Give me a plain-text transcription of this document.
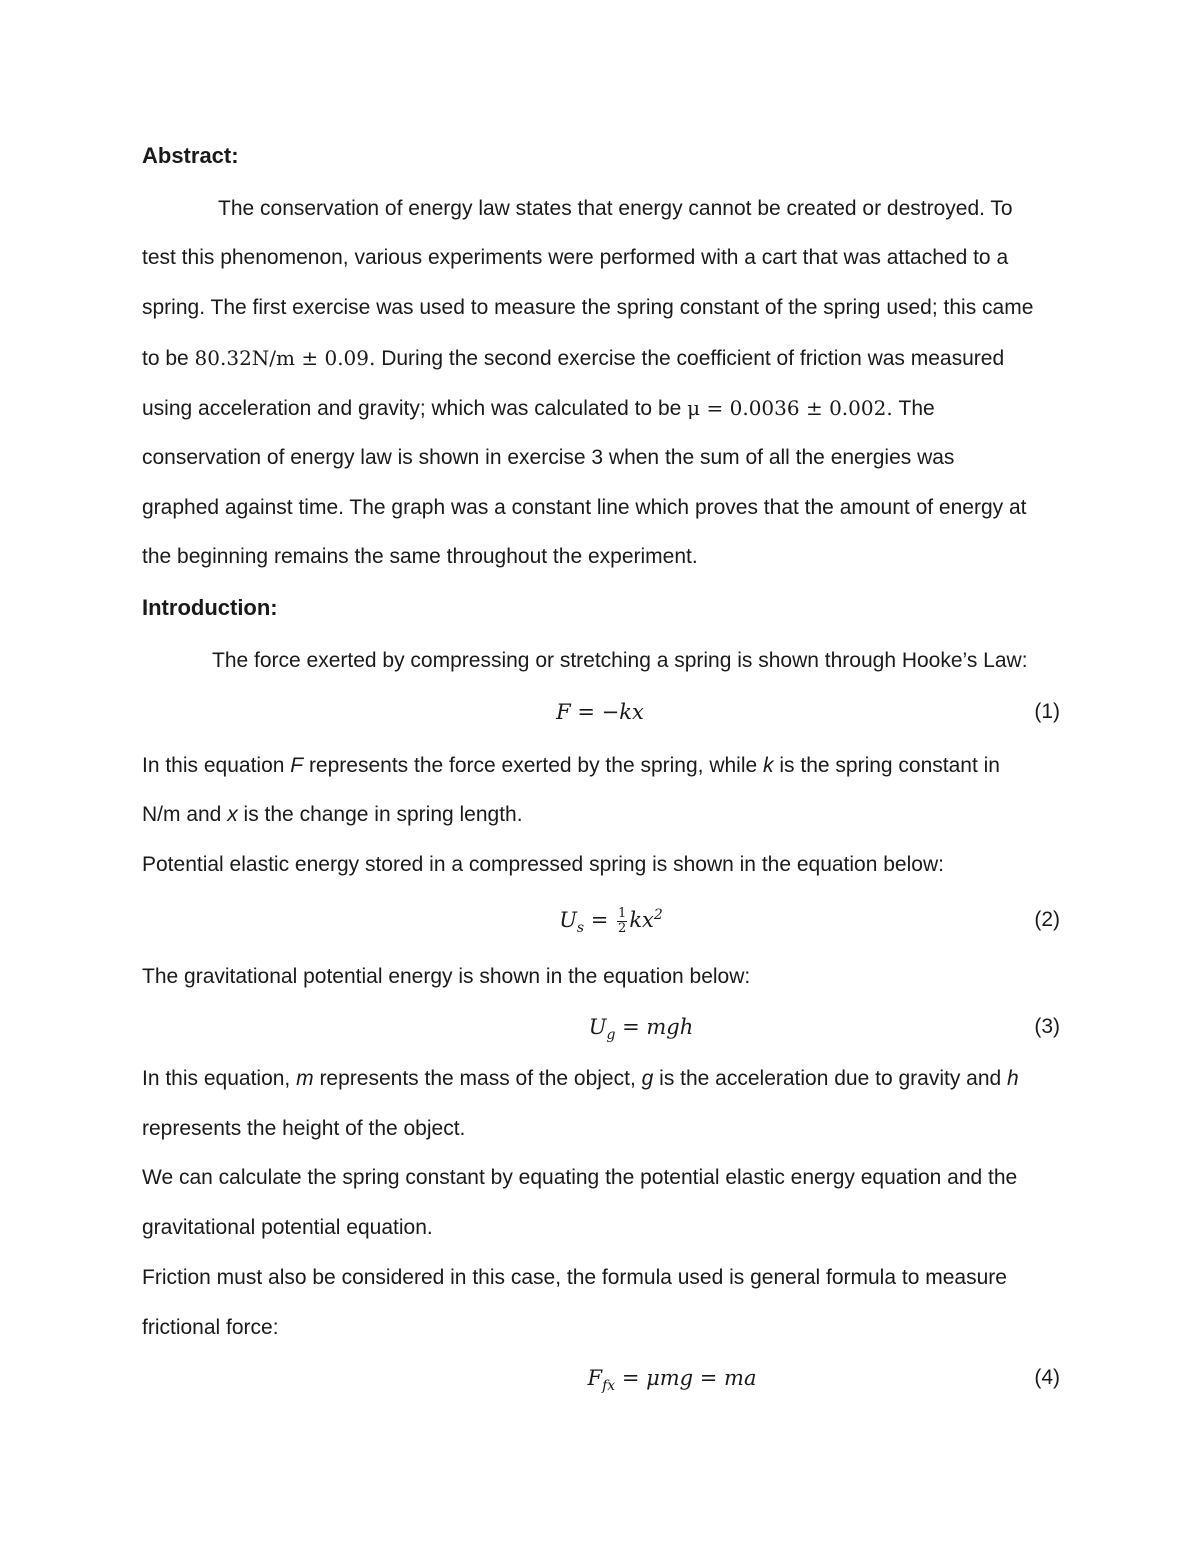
Abstract:

The conservation of energy law states that energy cannot be created or destroyed. To

test this phenomenon, various experiments were performed with a cart that was attached to a

spring. The first exercise was used to measure the spring constant of the spring used; this came

to be 80.32N/m ± 0.09. During the second exercise the coefficient of friction was measured

using acceleration and gravity; which was calculated to be μ = 0.0036 ± 0.002. The

conservation of energy law is shown in exercise 3 when the sum of all the energies was

graphed against time. The graph was a constant line which proves that the amount of energy at

the beginning remains the same throughout the experiment.

Introduction:

The force exerted by compressing or stretching a spring is shown through Hooke’s Law:

F = −kx	(1)

In this equation F represents the force exerted by the spring, while k is the spring constant in

N/m and x is the change in spring length.

Potential elastic energy stored in a compressed spring is shown in the equation below:

$U_s = \frac{1}{2} kx^2$	(2)

The gravitational potential energy is shown in the equation below:

$U_g$ = mgh	(3)

In this equation, m represents the mass of the object, g is the acceleration due to gravity and h

represents the height of the object.

We can calculate the spring constant by equating the potential elastic energy equation and the

gravitational potential equation.

Friction must also be considered in this case, the formula used is general formula to measure

frictional force:

$F_{fx} = \mu mg$ = ma	(4)
